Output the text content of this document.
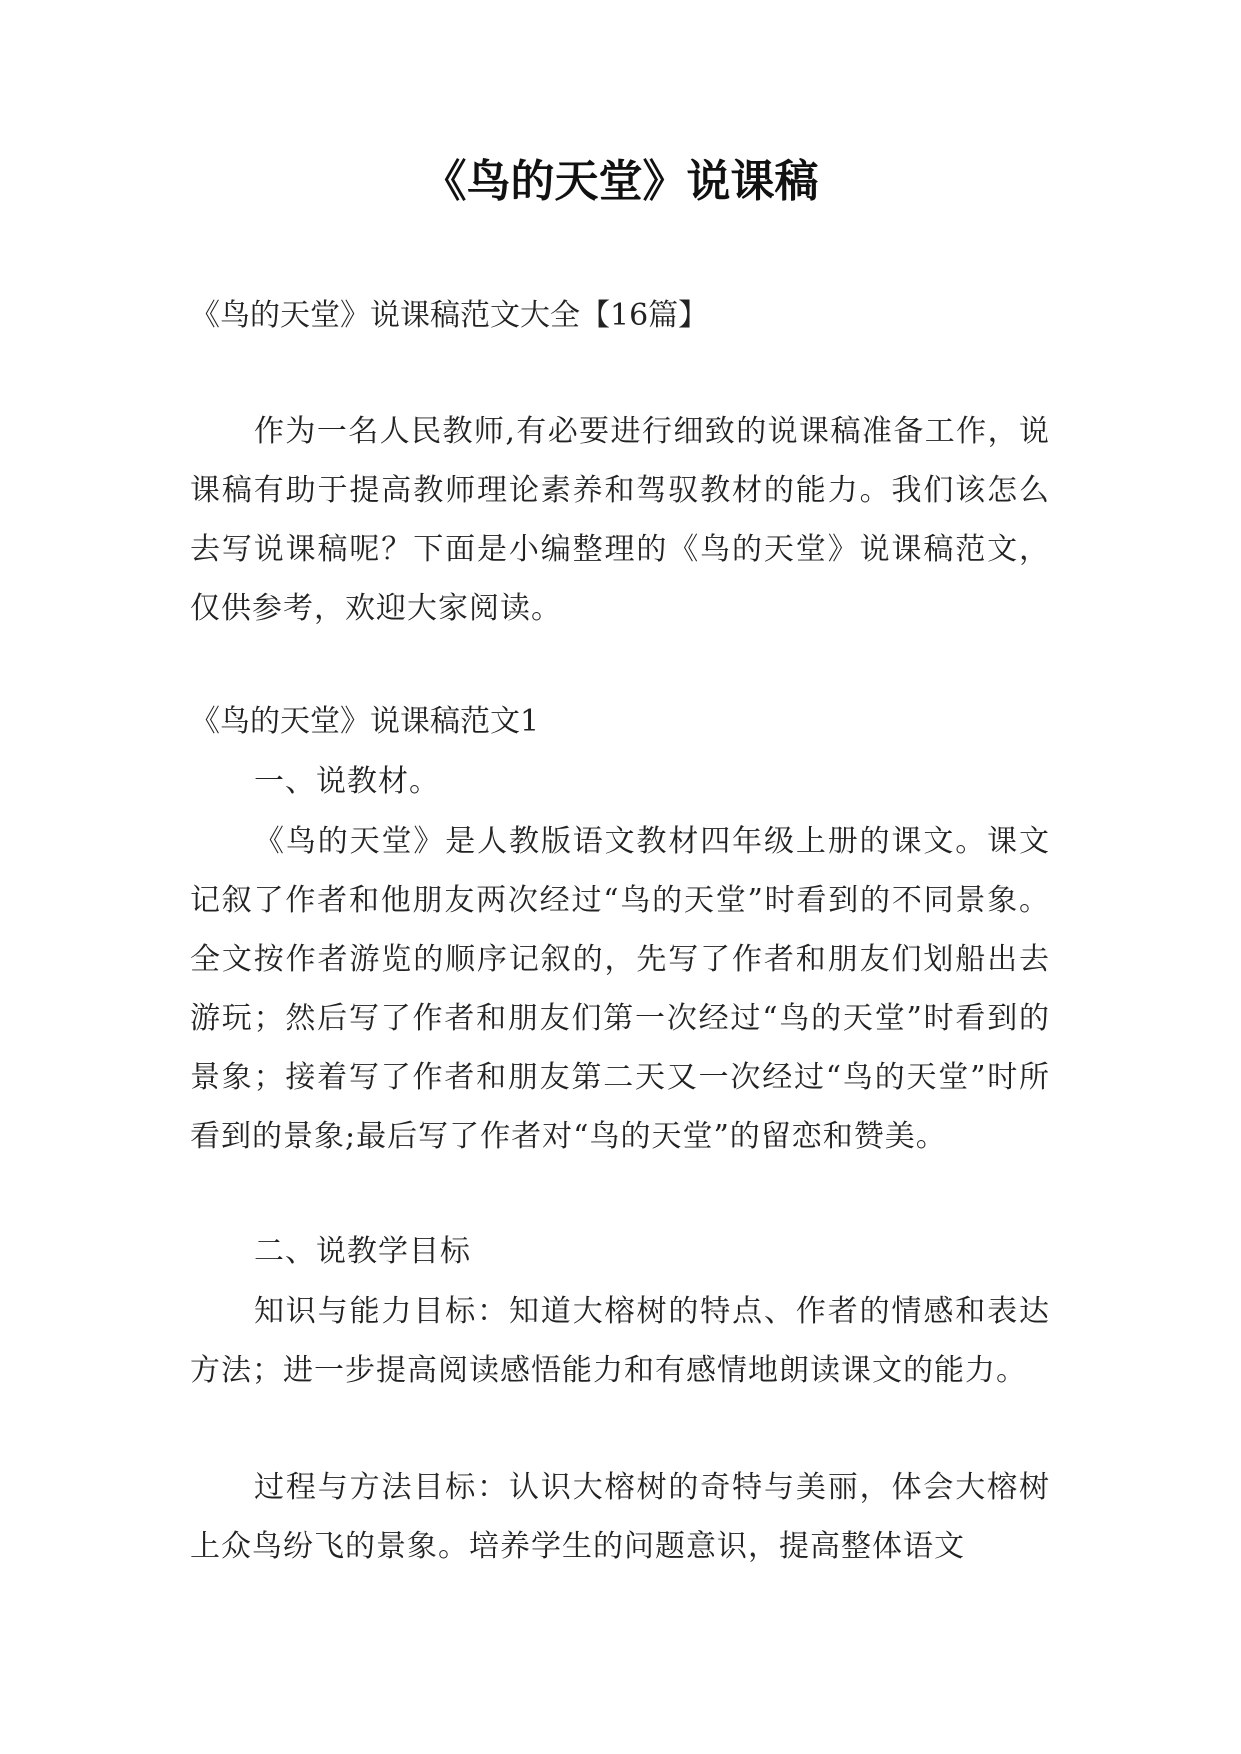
《鸟的天堂》说课稿

《鸟的天堂》说课稿范文大全【16篇】

作为一名人民教师,有必要进行细致的说课稿准备工作，说课稿有助于提高教师理论素养和驾驭教材的能力。我们该怎么去写说课稿呢？下面是小编整理的《鸟的天堂》说课稿范文，仅供参考，欢迎大家阅读。

《鸟的天堂》说课稿范文1

一、说教材。

《鸟的天堂》是人教版语文教材四年级上册的课文。课文记叙了作者和他朋友两次经过“鸟的天堂”时看到的不同景象。全文按作者游览的顺序记叙的，先写了作者和朋友们划船出去游玩；然后写了作者和朋友们第一次经过“鸟的天堂”时看到的景象；接着写了作者和朋友第二天又一次经过“鸟的天堂”时所看到的景象;最后写了作者对“鸟的天堂”的留恋和赞美。

二、说教学目标

知识与能力目标：知道大榕树的特点、作者的情感和表达方法；进一步提高阅读感悟能力和有感情地朗读课文的能力。

过程与方法目标：认识大榕树的奇特与美丽，体会大榕树上众鸟纷飞的景象。培养学生的问题意识，提高整体语文
